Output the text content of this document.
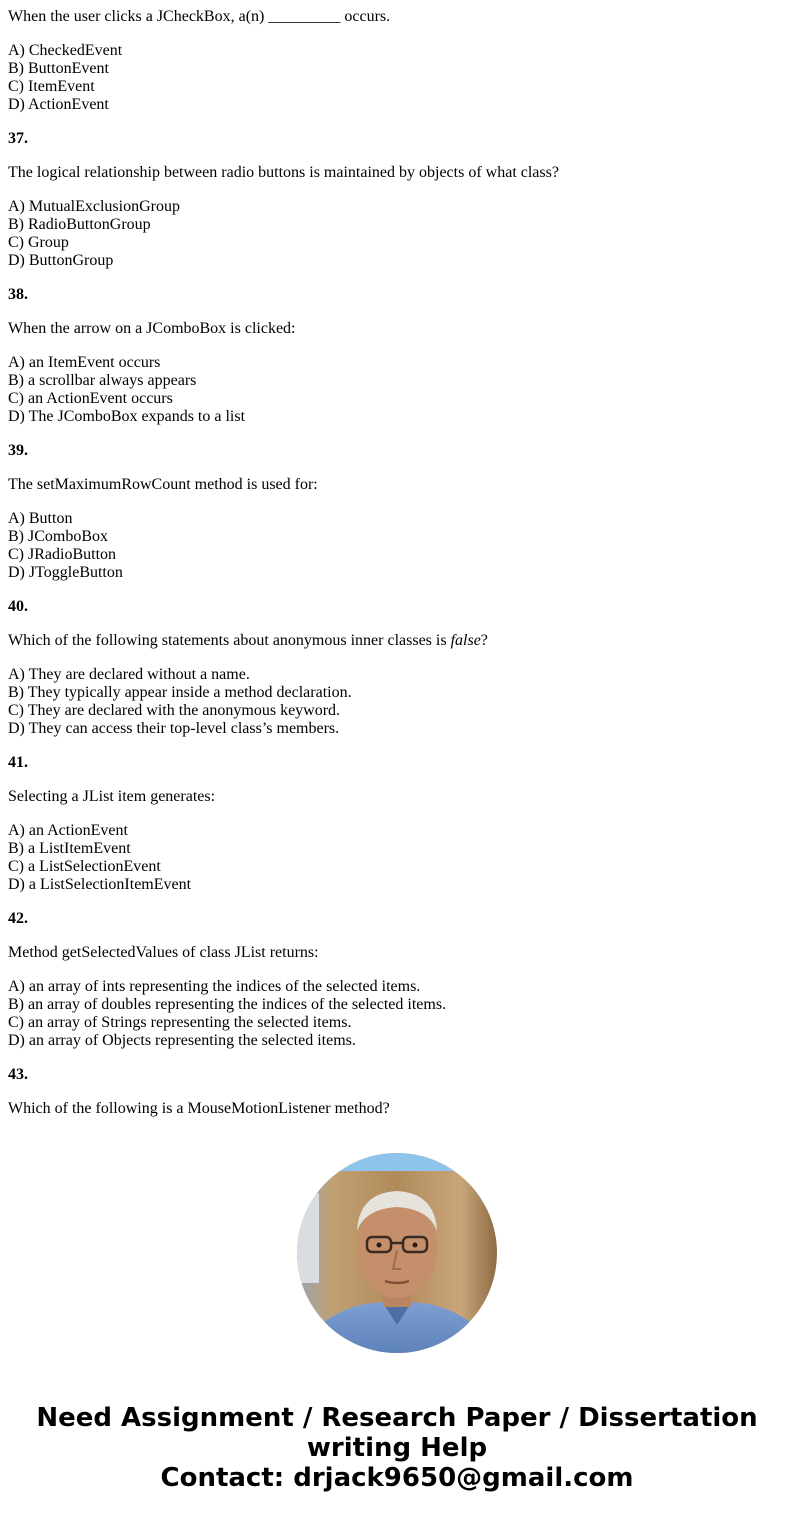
When the user clicks a JCheckBox, a(n) _________ occurs.

A) CheckedEvent

B) ButtonEvent

C) ItemEvent

D) ActionEvent

37.

The logical relationship between radio buttons is maintained by objects of what class?

A) MutualExclusionGroup

B) RadioButtonGroup

C) Group

D) ButtonGroup

38.

When the arrow on a JComboBox is clicked:

A) an ItemEvent occurs

B) a scrollbar always appears

C) an ActionEvent occurs

D) The JComboBox expands to a list

39.

The setMaximumRowCount method is used for:

A) Button

B) JComboBox

C) JRadioButton

D) JToggleButton

40.

Which of the following statements about anonymous inner classes is false?

A) They are declared without a name.

B) They typically appear inside a method declaration.

C) They are declared with the anonymous keyword.

D) They can access their top-level class’s members.

41.

Selecting a JList item generates:

A) an ActionEvent

B) a ListItemEvent

C) a ListSelectionEvent

D) a ListSelectionItemEvent

42.

Method getSelectedValues of class JList returns:

A) an array of ints representing the indices of the selected items.

B) an array of doubles representing the indices of the selected items.

C) an array of Strings representing the selected items.

D) an array of Objects representing the selected items.

43.

Which of the following is a MouseMotionListener method?

Need Assignment / Research Paper / Dissertation
writing Help
Contact: drjack9650@gmail.com
